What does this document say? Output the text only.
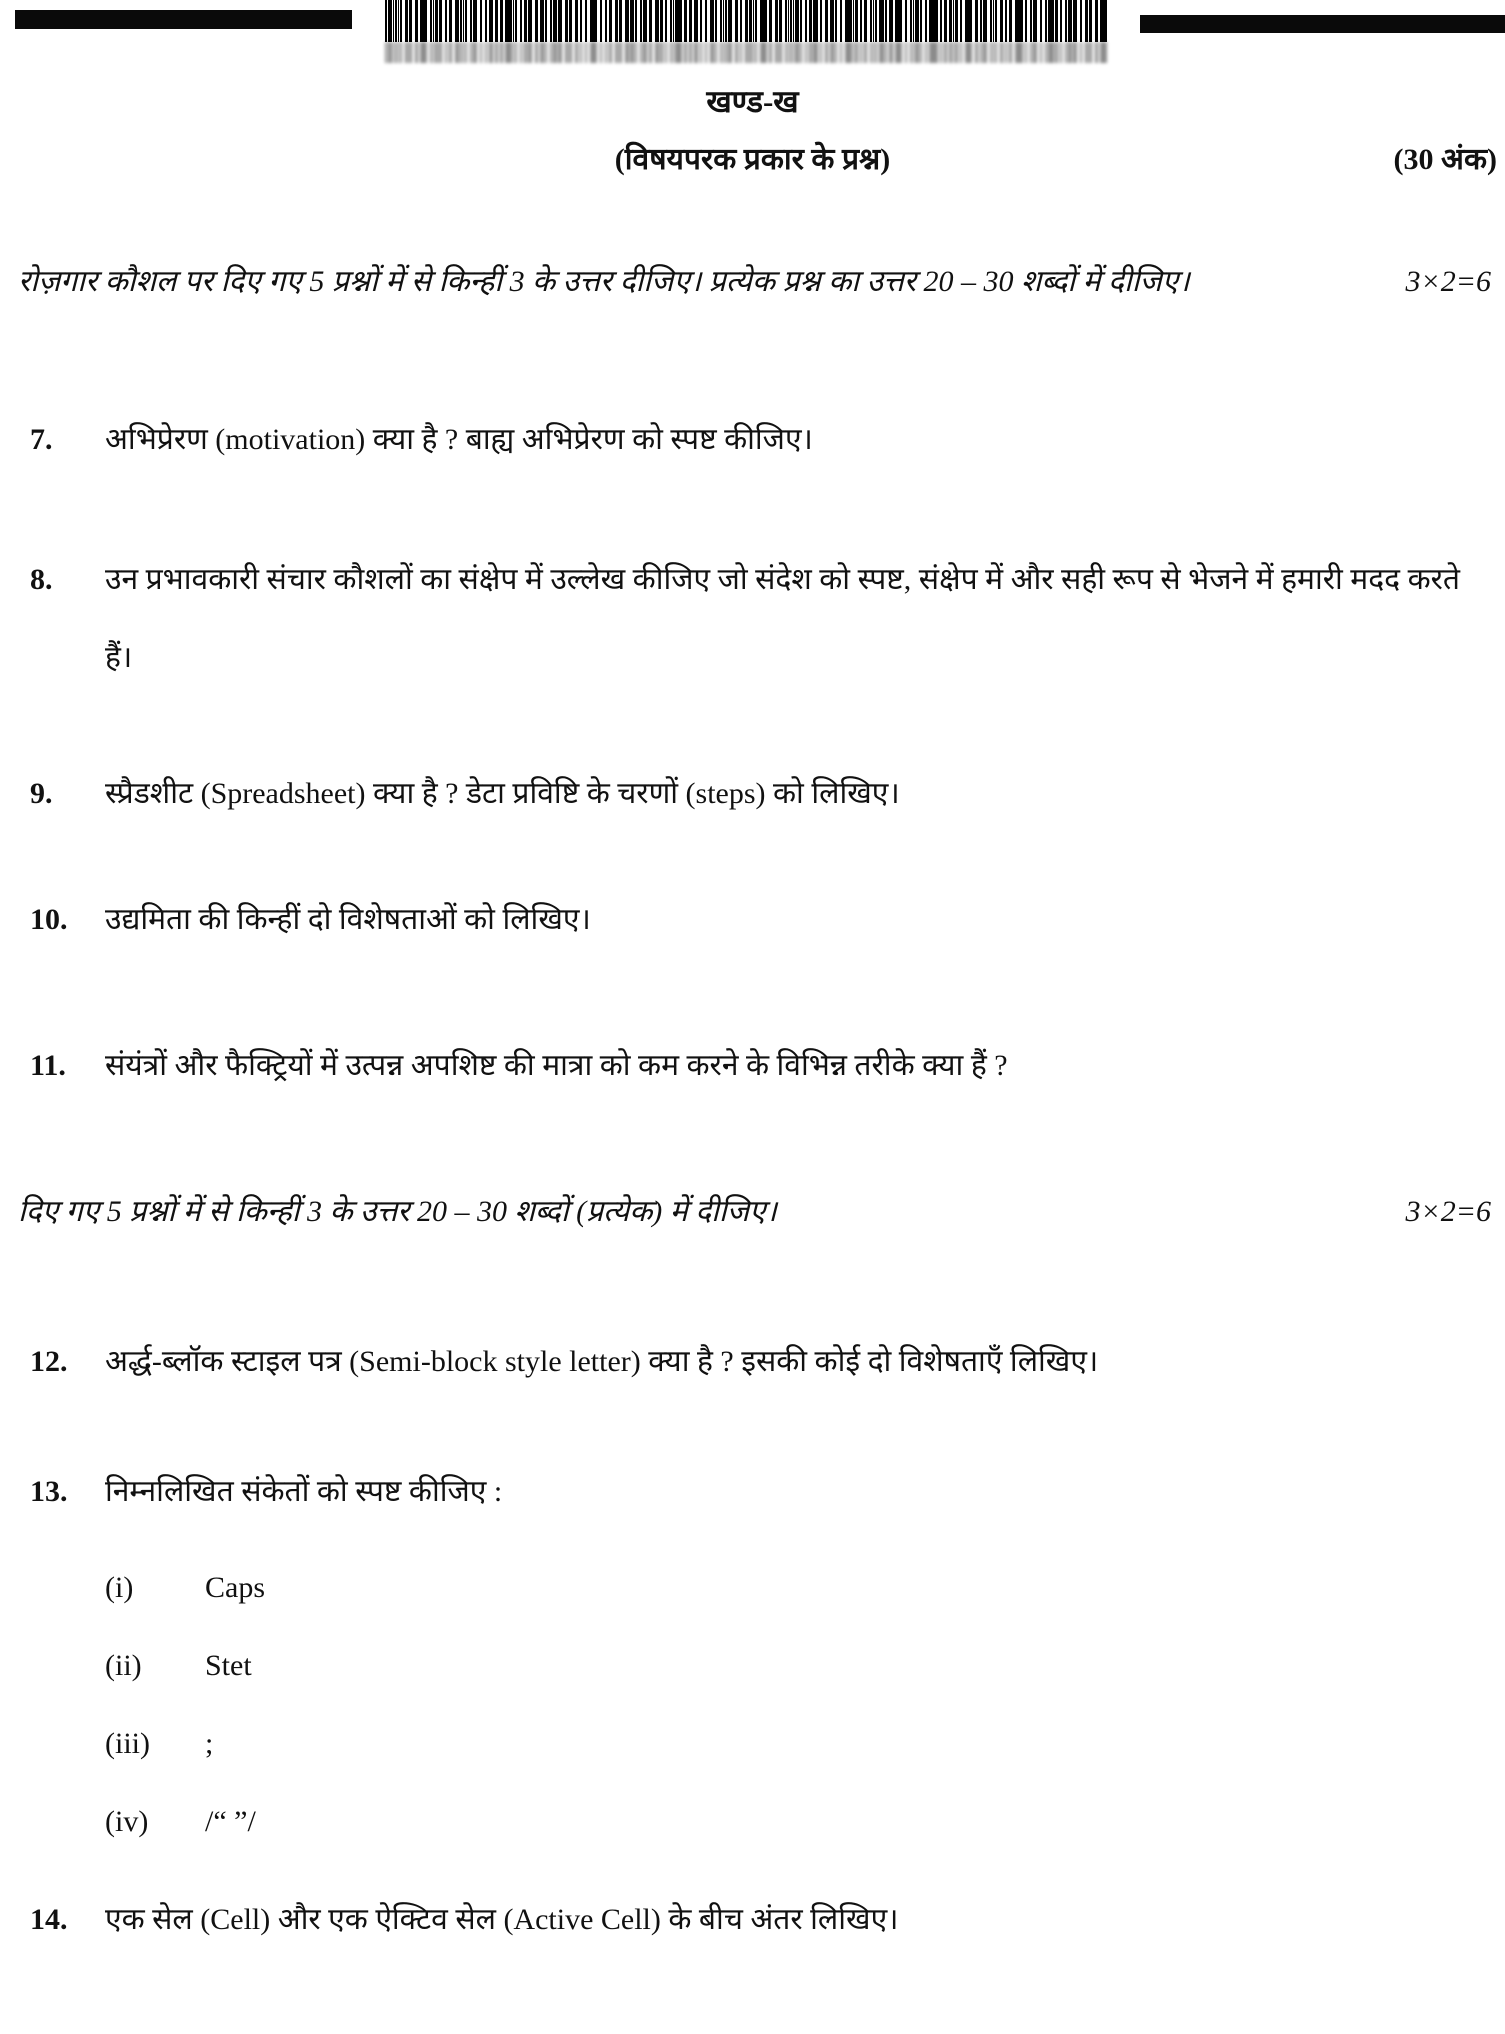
खण्ड-ख
(विषयपरक प्रकार के प्रश्न)	(30 अंक)
रोज़गार कौशल पर दिए गए 5 प्रश्नों में से किन्हीं 3 के उत्तर दीजिए। प्रत्येक प्रश्न का उत्तर 20 – 30 शब्दों में दीजिए।	3×2=6
7.	अभिप्रेरण (motivation) क्या है ? बाह्य अभिप्रेरण को स्पष्ट कीजिए।
8.	उन प्रभावकारी संचार कौशलों का संक्षेप में उल्लेख कीजिए जो संदेश को स्पष्ट, संक्षेप में और सही रूप से भेजने में हमारी मदद करते हैं।
9.	स्प्रैडशीट (Spreadsheet) क्या है ? डेटा प्रविष्टि के चरणों (steps) को लिखिए।
10.	उद्यमिता की किन्हीं दो विशेषताओं को लिखिए।
11.	संयंत्रों और फैक्ट्रियों में उत्पन्न अपशिष्ट की मात्रा को कम करने के विभिन्न तरीके क्या हैं ?
दिए गए 5 प्रश्नों में से किन्हीं 3 के उत्तर 20 – 30 शब्दों (प्रत्येक) में दीजिए।	3×2=6
12.	अर्द्ध-ब्लॉक स्टाइल पत्र (Semi-block style letter) क्या है ? इसकी कोई दो विशेषताएँ लिखिए।
13.	निम्नलिखित संकेतों को स्पष्ट कीजिए :
(i)	Caps
(ii)	Stet
(iii)	;
(iv)	/“ ”/
14.	एक सेल (Cell) और एक ऐक्टिव सेल (Active Cell) के बीच अंतर लिखिए।
